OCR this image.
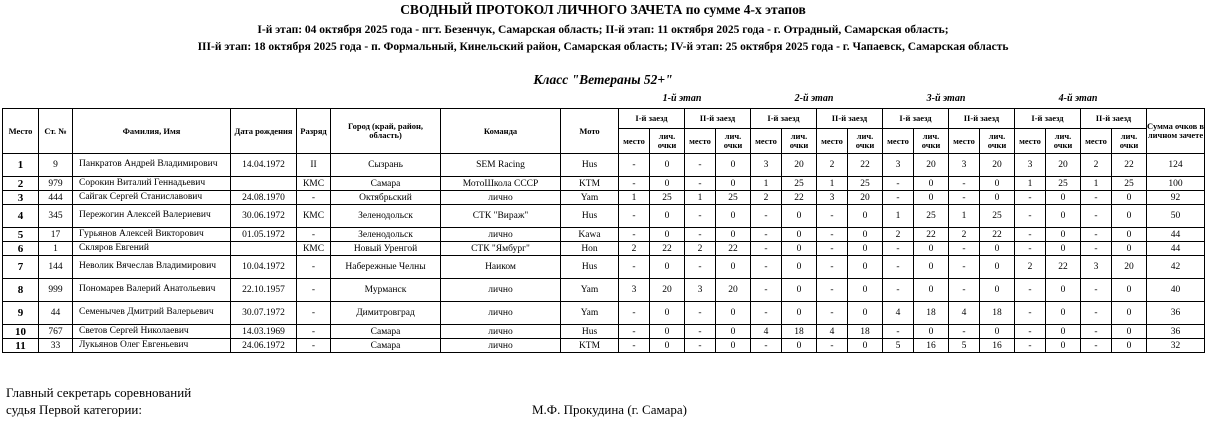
СВОДНЫЙ ПРОТОКОЛ ЛИЧНОГО ЗАЧЕТА по сумме 4-х этапов
I-й этап: 04 октября 2025 года - пгт. Безенчук, Самарская область; II-й этап: 11 октября 2025 года - г. Отрадный, Самарская область;
III-й этап: 18 октября 2025 года - п. Формальный, Кинельский район, Самарская область; IV-й этап: 25 октября 2025 года - г. Чапаевск, Самарская область
Класс "Ветераны 52+"
1-й этап	2-й этап	3-й этап	4-й этап
Место	Ст. №	Фамилия, Имя	Дата рождения	Разряд	Город (край, район, область)	Команда	Мото	I-й заезд		II-й заезд		I-й заезд		II-й заезд		I-й заезд		II-й заезд		I-й заезд		II-й заезд		Сумма очков в личном зачете
								место	лич. очки	место	лич. очки	место	лич. очки	место	лич. очки	место	лич. очки	место	лич. очки	место	лич. очки	место	лич. очки	
1	9	Панкратов Андрей Владимирович	14.04.1972	II	Сызрань	SEM Racing	Hus	-	0	-	0	3	20	2	22	3	20	3	20	3	20	2	22	124
2	979	Сорокин Виталий Геннадьевич		КМС	Самара	МотоШкола СССР	KTM	-	0	-	0	1	25	1	25	-	0	-	0	1	25	1	25	100
3	444	Сайгак Сергей Станиславович	24.08.1970	-	Октябрьский	лично	Yam	1	25	1	25	2	22	3	20	-	0	-	0	-	0	-	0	92
4	345	Пережогин Алексей Валериевич	30.06.1972	КМС	Зеленодольск	СТК "Вираж"	Hus	-	0	-	0	-	0	-	0	1	25	1	25	-	0	-	0	50
5	17	Гурьянов Алексей Викторович	01.05.1972	-	Зеленодольск	лично	Kawa	-	0	-	0	-	0	-	0	2	22	2	22	-	0	-	0	44
6	1	Скляров Евгений		КМС	Новый Уренгой	СТК "Ямбург"	Hon	2	22	2	22	-	0	-	0	-	0	-	0	-	0	-	0	44
7	144	Неволик Вячеслав Владимирович	10.04.1972	-	Набережные Челны	Наиком	Hus	-	0	-	0	-	0	-	0	-	0	-	0	2	22	3	20	42
8	999	Пономарев Валерий Анатольевич	22.10.1957	-	Мурманск	лично	Yam	3	20	3	20	-	0	-	0	-	0	-	0	-	0	-	0	40
9	44	Семенычев Дмитрий Валерьевич	30.07.1972	-	Димитровград	лично	Yam	-	0	-	0	-	0	-	0	4	18	4	18	-	0	-	0	36
10	767	Светов Сергей Николаевич	14.03.1969	-	Самара	лично	Hus	-	0	-	0	4	18	4	18	-	0	-	0	-	0	-	0	36
11	33	Лукьянов Олег Евгеньевич	24.06.1972	-	Самара	лично	KTM	-	0	-	0	-	0	-	0	5	16	5	16	-	0	-	0	32
Главный секретарь соревнований
судья Первой категории:	М.Ф. Прокудина (г. Самара)
